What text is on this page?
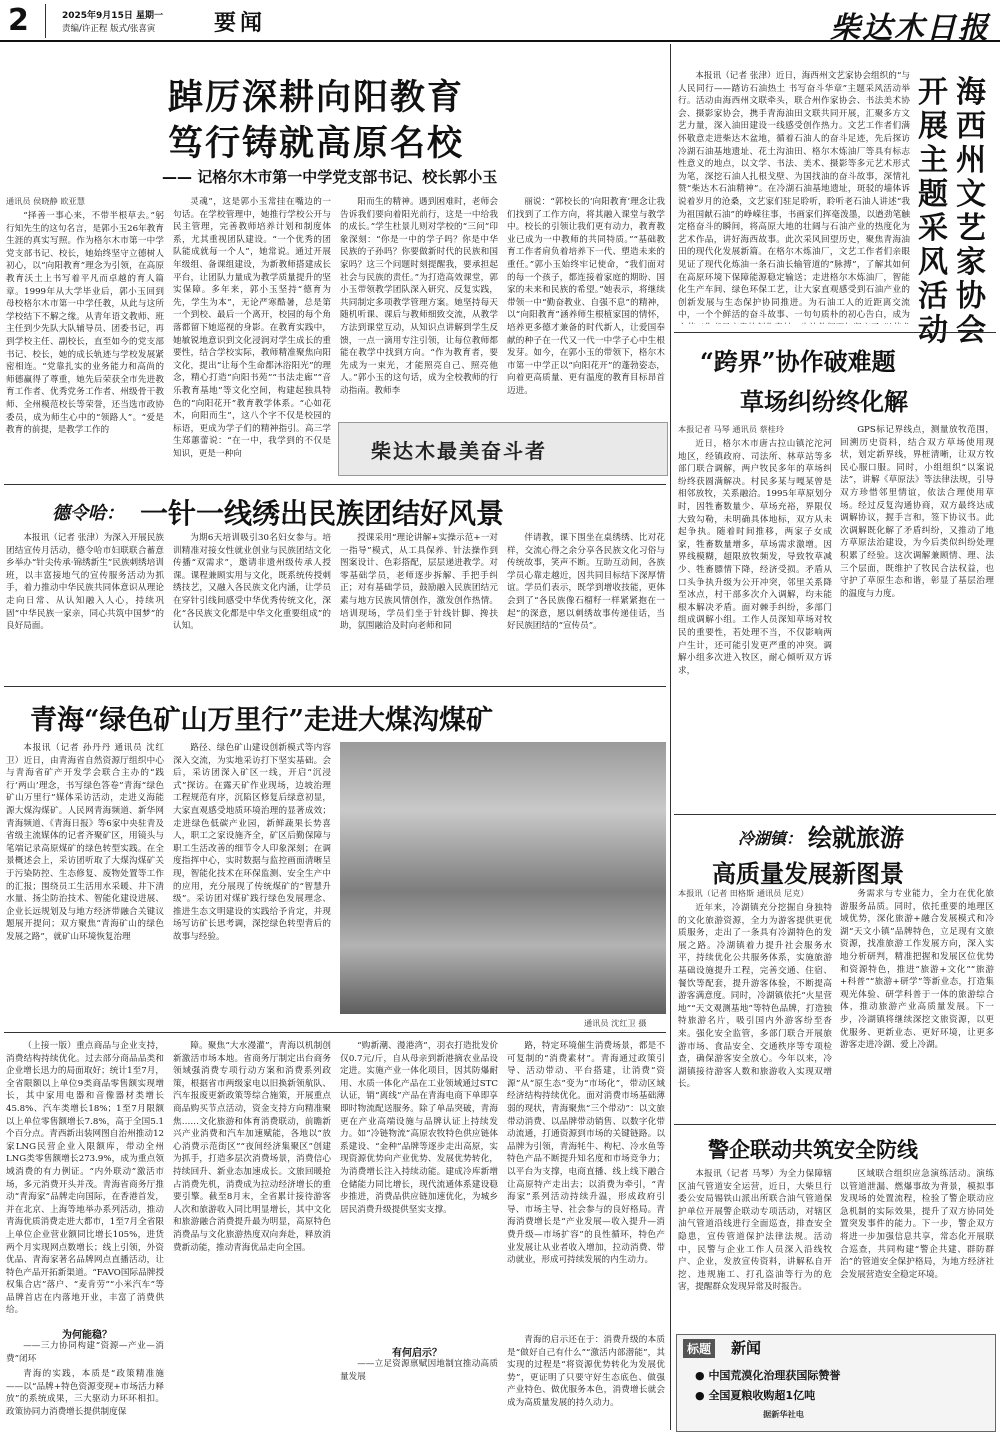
2	2025年9月15日 星期一
责编/许正程 版式/张喜寅	要闻	柴达木日报
踔厉深耕向阳教育
笃行铸就高原名校
—— 记格尔木市第一中学党支部书记、校长郭小玉
通讯员 侯晓静 欧亚慧

“择善一事心来，不带半根草去。”躬行知先生的这句名言，是郭小玉26年教育生涯的真实写照。作为格尔木市第一中学党支部书记、校长，她始终坚守立德树人初心，以“向阳教育”理念为引领，在高原教育沃土上书写着平凡而卓越的育人篇章。1999年从大学毕业后，郭小玉回到母校格尔木市第一中学任教，从此与这所学校结下不解之缘。从青年语文教师、班主任到少先队大队辅导员、团委书记，再到学校主任、副校长，直至如今的党支部书记、校长，她的成长轨迹与学校发展紧密相连。“党靠扎实的业务能力和高尚的师德赢得了尊重，她先后荣获全市先进教育工作者、优秀党务工作者、州级骨干教师、全州模范校长等荣誉，还当选市政协委员，成为师生心中的“领路人”。“爱是教育的前提，是教学工作的

灵魂”，这是郭小玉常挂在嘴边的一句话。在学校管理中，她推行学校公开与民主管理，完善教师培养计划和制度体系，尤其重视团队建设。“一个优秀的团队能成就每一个人”，她常说。通过开展年级组、备课组建设，为新教师搭建成长平台，让团队力量成为教学质量提升的坚实保障。多年来，郭小玉坚持“德育为先，学生为本”，无论严寒酷暑，总是第一个到校、最后一个离开，校园的每个角落都留下她巡视的身影。在教育实践中，她敏锐地意识到文化浸润对学生成长的重要性，结合学校实际，教师精准聚焦向阳文化，提出“让每个生命都沐浴阳光”的理念，精心打造“向阳书苑”“书法走廊”“音乐教育基地”等文化空间，构建起独具特色的“向阳花开”教育教学体系。“心如花木，向阳而生”，这八个字不仅是校园的标语，更成为学子们的精神指引。高三学生郑蕙蕾说：“在一中，我学到的不仅是知识，更是一种向

阳而生的精神。遇到困难时，老师会告诉我们要向着阳光前行，这是一中给我的成长。”学生杜景儿则对学校的“三问”印象深刻：“你是一中的学子吗？你是中华民族的子孙吗？你要做新时代的民族和国家吗？这三个问题时刻提醒我，要承担起社会与民族的责任。”为打造高效课堂，郭小玉带领教学团队深入研究、反复实践，共同制定多项教学管理方案。她坚持每天随机听课、课后与教师细致交流，从教学方法到课堂互动，从知识点讲解到学生反馈，一点一滴用专注引领，让每位教师都能在教学中找到方向。“作为教育者，要先成为一束光，才能照亮自己、照亮他人。”郭小玉的这句话，成为全校教师的行动指南。教师李

丽说：“郭校长的‘向阳教育’理念让我们找到了工作方向，将其融入课堂与教学中。校长的引领让我们更有动力，教育教业已成为一中教师的共同特质。”“基础教育工作者肩负着培养下一代、塑造未来的重任。”郭小玉始终牢记使命，“我们面对的每一个孩子，都连接着家庭的期盼、国家的未来和民族的希望。”她表示，将继续带领一中“勤奋教业、自强不息”的精神，以“向阳教育”涵养师生根植家国的情怀，培养更多德才兼备的时代新人，让爱国奉献的种子在一代又一代一中学子心中生根发芽。如今，在郭小玉的带领下，格尔木市第一中学正以“向阳花开”的蓬勃姿态，向着更高质量、更有温度的教育目标昂首迈进。

柴达木最美奋斗者
德令哈： 一针一线绣出民族团结好风景

本报讯（记者 张津）为深入开展民族团结宣传月活动，德令哈市妇联联合蓄意乡举办“针尖传承·锦绣新生”民族刺绣培训班，以丰富接地气的宣传服务活动为抓手，着力推动中华民族共同体意识从理论走向日常、从认知融入人心，持续巩固“中华民族一家亲，同心共筑中国梦”的良好局面。

为期6天培训吸引30名妇女参与。培训精准对接女性就业创业与民族团结文化传播“双需求”，邀请非遗州级传承人授课。课程兼顾实用与文化，既系统传授刺绣技艺，又融入各民族文化内涵，让学员在穿针引线间感受中华优秀传统文化，深化“各民族文化都是中华文化重要组成”的认知。

授课采用“理论讲解+实操示范+一对一指导”模式，从工具保养、针法操作到图案设计、色彩搭配，层层递进教学。对零基础学员，老师逐步拆解、手把手纠正；对有基础学员，鼓励融入民族团结元素与地方民族风情创作，激发创作热情。培训现场，学员们坐于针线针脚、搀扶助，氛围融洽及时向老师和同

伴请教，课下围坐在桌绣绣、比对花样，交流心得之余分享各民族文化习俗与传统故事，笑声不断。互助互动间，各族学员心靠走越近，因共同目标结下深厚情谊。学员们表示，既学到增收技能，更体会到了“各民族像石榴籽一样紧紧抱在一起”的深意，愿以刺绣故事传递佳话，当好民族团结的“宣传员”。

青海“绿色矿山万里行”走进大煤沟煤矿

本报讯（记者 孙丹丹 通讯员 沈红卫）近日，由青海省自然资源厅组织中心与青海省矿产开发学会联合主办的“践行‘两山’理念，书写绿色答卷”青海“绿色矿山万里行”媒体采访活动，走进义海能源大煤沟煤矿。人民网青海频道、新华网青海频道、《青海日报》等6家中央驻青及省级主流媒体的记者齐聚矿区，用镜头与笔端记录高原煤矿的绿色转型实践。在全景概述会上，采访团听取了大煤沟煤矿关于污染防控、生态修复、废物处置等工作的汇报；围绕员工生活用水采暖、井下清水量、扬尘防治技术、智能化建设进展、企业长远规划及与地方经济带融合关键议题展开提问；双方聚焦“青海矿山的绿色发展之路”，就矿山环境恢复治理

路径、绿色矿山建设创新模式等内容深入交流，为实地采访打下坚实基础。会后，采访团深入矿区一线，开启“沉浸式”探访。在露天矿作业现场，边坡治理工程规范有序，沉陷区修复后绿意初显，大家直观感受地质环境治理的显著成效；走进绿色低碳产业园，新鲜蔬果长势喜人，职工之家设施齐全，矿区后勤保障与职工生活改善的细节令人印象深刻；在调度指挥中心，实时数据与监控画面清晰呈现，智能化技术在环保监测、安全生产中的应用，充分展现了传统煤矿的“智慧升级”。采访团对煤矿践行绿色发展理念、推进生态文明建设的实践给予肯定，并现场写访矿长思考调，深挖绿色转型背后的故事与经验。

通讯员 沈红卫 摄

（上接一版）重点商品与企业支持，消费结构持续优化。过去部分商品品类和企业增长迅力的局面取好；统计1至7月，全省限额以上单位9类商品零售额实现增长，其中家用电器和音像器材类增长45.8%、汽车类增长18%；1至7月限额以上单位零售额增长7.8%，高于全国5.1个百分点。青西新出装网图自治州推动12家LNG民营企业入限额库，带动全州LNG类零售额增长273.9%，成为重点领域消费的有力例证。“内外联动”激活市场，多元消费开头并茂。青海省商务厅推动“青海家”品牌走向国际，在香港首发，并在北京、上海等地举办系列活动，推动青海优质消费走进大都市，1至7月全省限上单位企业营业额同比增长105%，进货两个月实现网点数增长；线上引领，外资优品、青海家著名品牌网点直播活动，让特色产品开拓新渠道。“FAVO国际品牌授权集合店”落户、“麦肯劳”“小米汽车”等品牌首店在内落地开业，丰富了消费供给。

为何能稳？

——三力协同构建“资源—产业—消费”闭环

青海的实践，本质是“政策精准施——以“品牌+特色资源变现+市场活力释放”的系统成果，三大驱动力环环相扣。政策协同力消费增长提供制度保

障。聚焦“大水漫灌”，青海以机制创新激活市场本地。省商务厅制定出台商务领域强消费专项行动方案和消费系列政策，根据省市两级家电以旧换新领航队、汽车报废更新政策等综合施策，开展重点商品购买节点活动，资金支持方向精准聚焦……文化旅游和体育消费联动，前瞻新兴产业消费和汽车加速赋能，各地以“放心消费示范街区”“夜间经济集聚区”创建为抓手，打造多层次消费场景，消费信心持续回升、新业态加速成长。文旅回暖抢占消费先机，消费成为拉动经济增长的重要引擎。截至8月末，全省累计接待游客人次和旅游收入同比明显增长，其中文化和旅游融合消费提升最为明显，高原特色消费品与文化旅游热度双向奔赴，释放消费新动能，推动青海优品走向全国。

“购新潮、漫港湾”，羽衣打造批发价仅0.7元/斤，自从母亲到新港摘农业品设定进。实施产业一体化项目，因其防爆耐用、水质一体化产品在工业领域通过STC认证，销“离线”产品在青海电商下单即享即时物流配送服务。除了单品突破，青海更在产业高端设施与品牌认证上持续发力。如“冷链物流”高原农牧特色供应链体系建设、“金种”品牌等逐步走出高原，实现资源优势向产业优势、发展优势转化，为消费增长注入持续动能。建成冷库新增仓储能力同比增长，现代流通体系建设稳步推进，消费品供应链加速优化，为城乡居民消费升级提供坚实支撑。

有何启示？

——立足资源禀赋因地制宜推动高质量发展

路，特定环境催生消费场景，都是不可复制的“消费素材”。青海通过政策引导、活动带动、平台搭建，让消费“资源”从“原生态”变为“市场化”，带动区域经济结构持续优化。面对消费市场基础薄弱的现状，青海聚焦“三个带动”：以文旅带动消费、以品牌带动销售、以数字化带动流通，打通资源到市场的关键链路。以品牌为引领，青海牦牛、枸杞、冷水鱼等特色产品不断提升知名度和市场竞争力；以平台为支撑，电商直播、线上线下融合让高原特产走出去；以消费为牵引，“青海家”系列活动持续升温，形成政府引导、市场主导、社会参与的良好格局。青海消费增长是“产业发展—收入提升—消费升级—市场扩容”的良性循环，特色产业发展让从业者收入增加，拉动消费、带动就业，形成可持续发展的内生动力。

青海的启示还在于：消费升级的本质是“做好自己有什么”“激活内部潜能”，其实现的过程是“将资源优势转化为发展优势”，更证明了只要守好生态底色、做强产业特色、做优服务本色，消费增长就会成为高质量发展的持久动力。

本报讯（记者 张津）近日，海西州文艺家协会组织的“与人民同行——踏访石油热土 书写奋斗华章”主题采风活动举行。活动由海西州文联牵头，联合州作家协会、书法美术协会、摄影家协会，携手青海油田文联共同开展，汇聚多方文艺力量，深入油田建设一线感受创作热力。文艺工作者们满怀敬意走进柴达木盆地，循着石油人的奋斗足迹，先后探访冷湖石油基地遗址、花土沟油田、格尔木炼油厂等具有标志性意义的地点，以文学、书法、美术、摄影等多元艺术形式为笔，深挖石油人扎根戈壁、为国找油的奋斗故事，深情礼赞“柴达木石油精神”。在冷湖石油基地遗址，斑驳的墙体诉说着岁月的沧桑，文艺家们驻足聆听，聆听老石油人讲述“我为祖国献石油”的峥嵘往事，书画家们挥毫泼墨，以遒劲笔触定格奋斗的瞬间，将高原大地的壮阔与石油产业的热度化为艺术作品，讲好海西故事。此次采风回望历史，聚焦青海油田的现代化发展新篇。在格尔木炼油厂，文艺工作者们亲眼见证了现代化炼油一条石油长输管道的“脉搏”，了解其如何在高原环境下保障能源稳定输送；走进格尔木炼油厂，智能化生产车间、绿色环保工艺，让大家直观感受到石油产业的创新发展与生态保护协同推进。为石油工人的近距离交流中，一个个鲜活的奋斗故事、一句句质朴的初心告白，成为

海西州文艺家协会
开展主题采风活动
“跨界”协作破难题
草场纠纷终化解
本报记者 马琴 通讯员 蔡桂玲

近日，格尔木市唐古拉山镇沱沱河地区，经镇政府、司法所、林草站等多部门联合调解，两户牧民多年的草场纠纷终获圆满解决。村民多某与嘎某曾是相邻放牧，关系融洽。1995年草原划分时，因牲畜数量少、草场充裕，界限仅大致勾勒，未明确具体地标，双方从未起争执。随着时间推移，两家子女成家，牲畜数量增多，草场需求激增。因界线模糊，超限放牧频发，导致牧草减少、牲畜膘情下降，经济受损。矛盾从口头争执升级为公开冲突，邻里关系降至冰点，村干部多次介入调解，均未能根本解决矛盾。面对棘手纠纷，多部门组成调解小组。工作人员深知草场对牧民的重要性，若处理不当，不仅影响两户生计，还可能引发更严重的冲突。调解小组多次进入牧区，耐心倾听双方诉求，

GPS标记界线点，测量放牧范围，回溯历史资料，结合双方草场使用现状，划定新界线，界桩清晰，让双方牧民心服口服。同时，小组组织“以案说法”，讲解《草原法》等法律法规，引导双方珍惜邻里情谊，依法合理使用草场。经过反复沟通协商，双方最终达成调解协议，握手言和，签下协议书。此次调解既化解了矛盾纠纷，又推动了地方草原法治建设，为今后类似纠纷处理积累了经验。这次调解兼顾情、理、法三个层面，既维护了牧民合法权益，也守护了草原生态和谐，彰显了基层治理的温度与力度。

冷湖镇： 绘就旅游
高质量发展新图景
本报讯（记者 田格斯 通讯员 尼克）

近年来，冷湖镇充分挖掘自身独特的文化旅游资源，全力为游客提供更优质服务，走出了一条具有冷湖特色的发展之路。冷湖镇着力提升社会服务水平，持续优化公共服务体系，实施旅游基础设施提升工程，完善交通、住宿、餐饮等配套，提升游客体验，不断提高游客满意度。同时，冷湖镇依托“火星营地”“天文观测基地”等特色品牌，打造独特旅游名片，吸引国内外游客纷至沓来。强化安全监管，多部门联合开展旅游市场、食品安全、交通秩序等专项检查，确保游客安全放心。今年以来，冷湖镇接待游客人数和旅游收入实现双增长。

务需求与专业能力，全力在优化旅游服务品质。同时，依托重要的地理区域优势，深化旅游+融合发展模式和冷湖“天文小镇”品牌特色，立足现有文旅资源，找准旅游工作发展方向，深入实地分析研判，精准把握和发展区位优势和资源特色，推进“旅游+文化”“旅游+科普”“旅游+研学”等新业态，打造集观光体验、研学科普于一体的旅游综合体，推动旅游产业高质量发展。下一步，冷湖镇将继续深挖文旅资源，以更优服务、更新业态、更好环境，让更多游客走进冷湖、爱上冷湖。

警企联动共筑安全防线

本报讯（记者 马琴）为全力保障辖区油气管道安全运营，近日，大柴旦行委公安局锡铁山派出所联合油气管道保护单位开展警企联动专项活动，对辖区油气管道沿线进行全面巡查，排查安全隐患，宣传管道保护法律法规。活动中，民警与企业工作人员深入沿线牧户、企业，发放宣传资料，讲解私自开挖、违规施工、打孔盗油等行为的危害，提醒群众发现异常及时报告。

区域联合组织应急演练活动。演练以管道泄漏、燃爆事故为背景，模拟事发现场的处置流程，检验了警企联动应急机制的实际效果，提升了双方协同处置突发事件的能力。下一步，警企双方将进一步加强信息共享，常态化开展联合巡查，共同构建“警企共建、群防群治”的管道安全保护格局，为地方经济社会发展营造安全稳定环境。

标题 新闻
● 中国荒漠化治理获国际赞誉
● 全国夏粮收购超1亿吨
据新华社电
